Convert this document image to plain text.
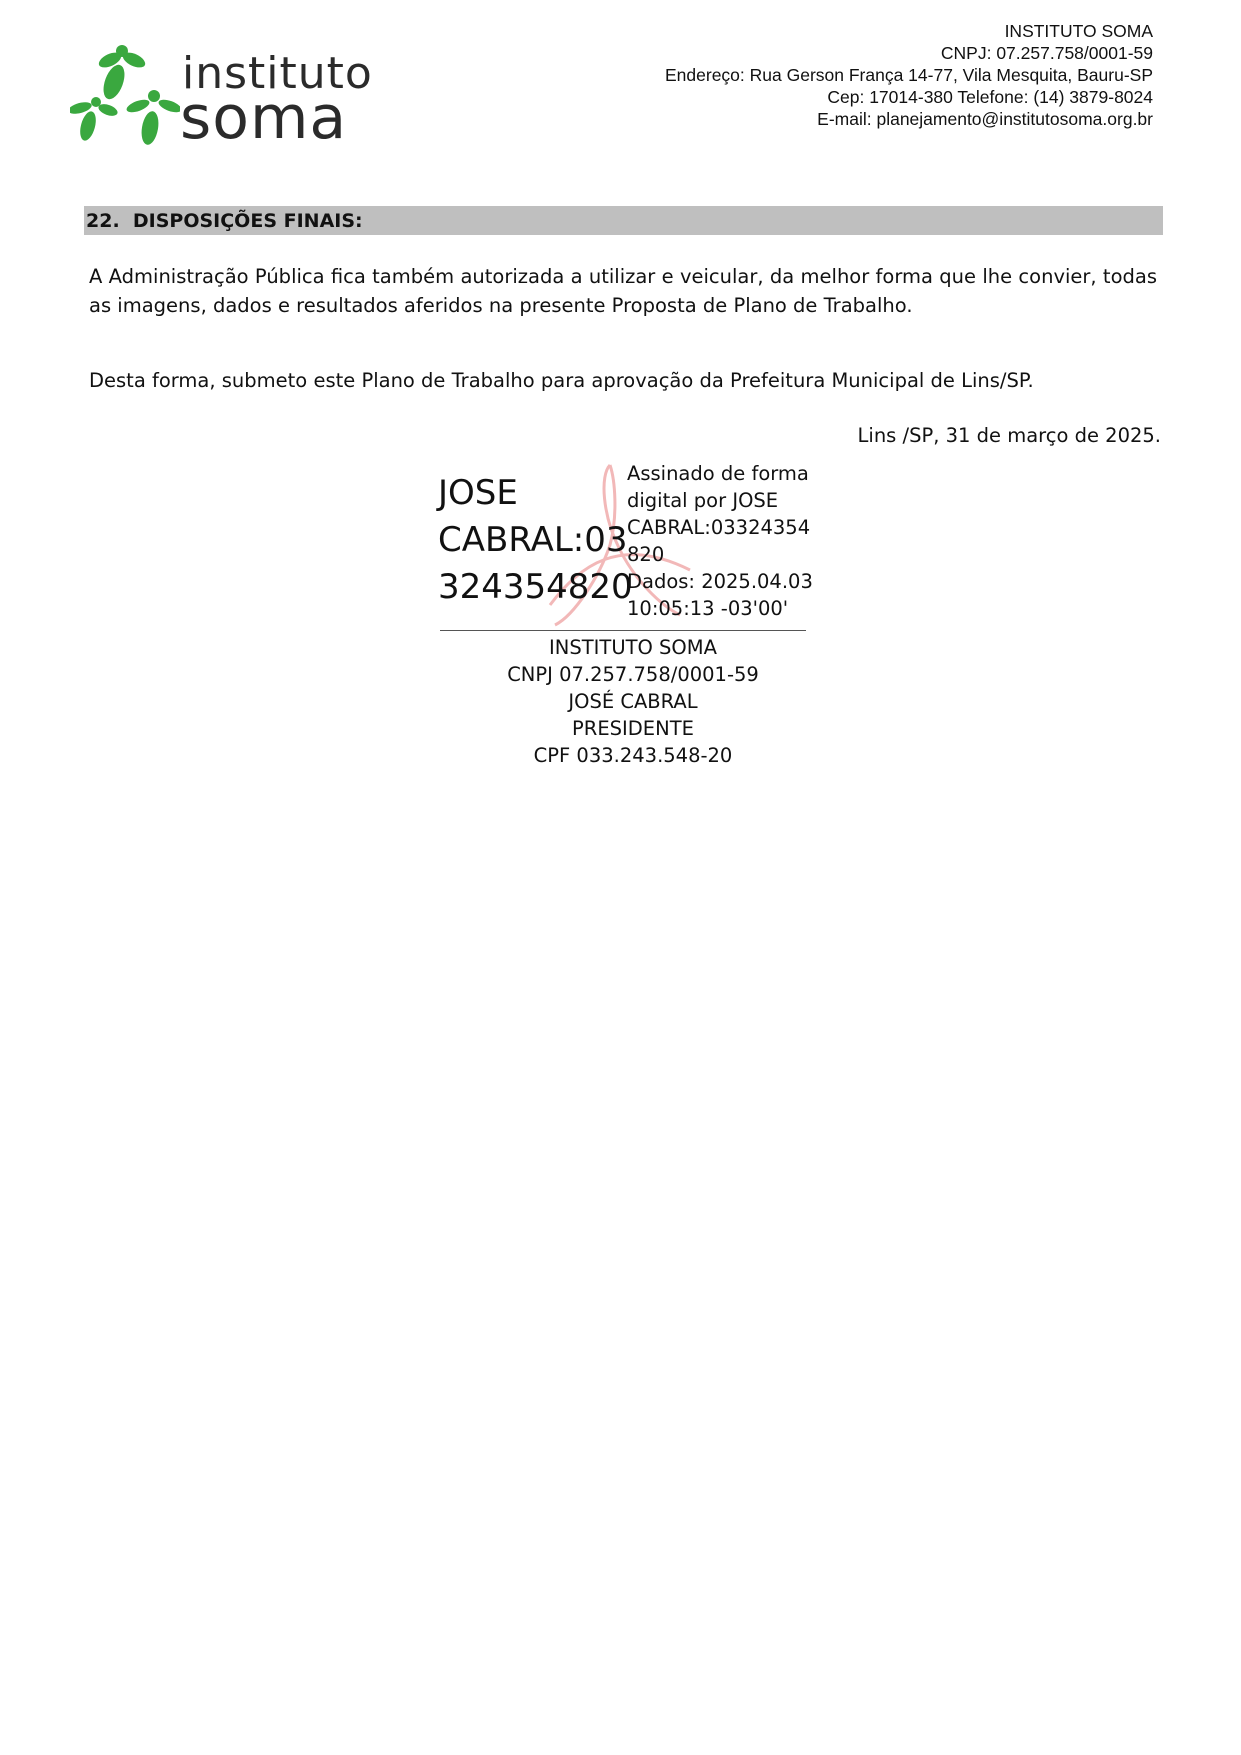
instituto
soma
INSTITUTO SOMA
CNPJ: 07.257.758/0001-59
Endereço: Rua Gerson França 14-77, Vila Mesquita, Bauru-SP
Cep: 17014-380 Telefone: (14) 3879-8024
E-mail: planejamento@institutosoma.org.br
22.  DISPOSIÇÕES FINAIS:
A Administração Pública fica também autorizada a utilizar e veicular, da melhor forma que lhe convier, todas as imagens, dados e resultados aferidos na presente Proposta de Plano de Trabalho.
Desta forma, submeto este Plano de Trabalho para aprovação da Prefeitura Municipal de Lins/SP.
Lins /SP, 31 de março de 2025.
JOSE
CABRAL:03
324354820
Assinado de forma
digital por JOSE
CABRAL:03324354
820
Dados: 2025.04.03
10:05:13 -03'00'
INSTITUTO SOMA
CNPJ 07.257.758/0001-59
JOSÉ CABRAL
PRESIDENTE
CPF 033.243.548-20
